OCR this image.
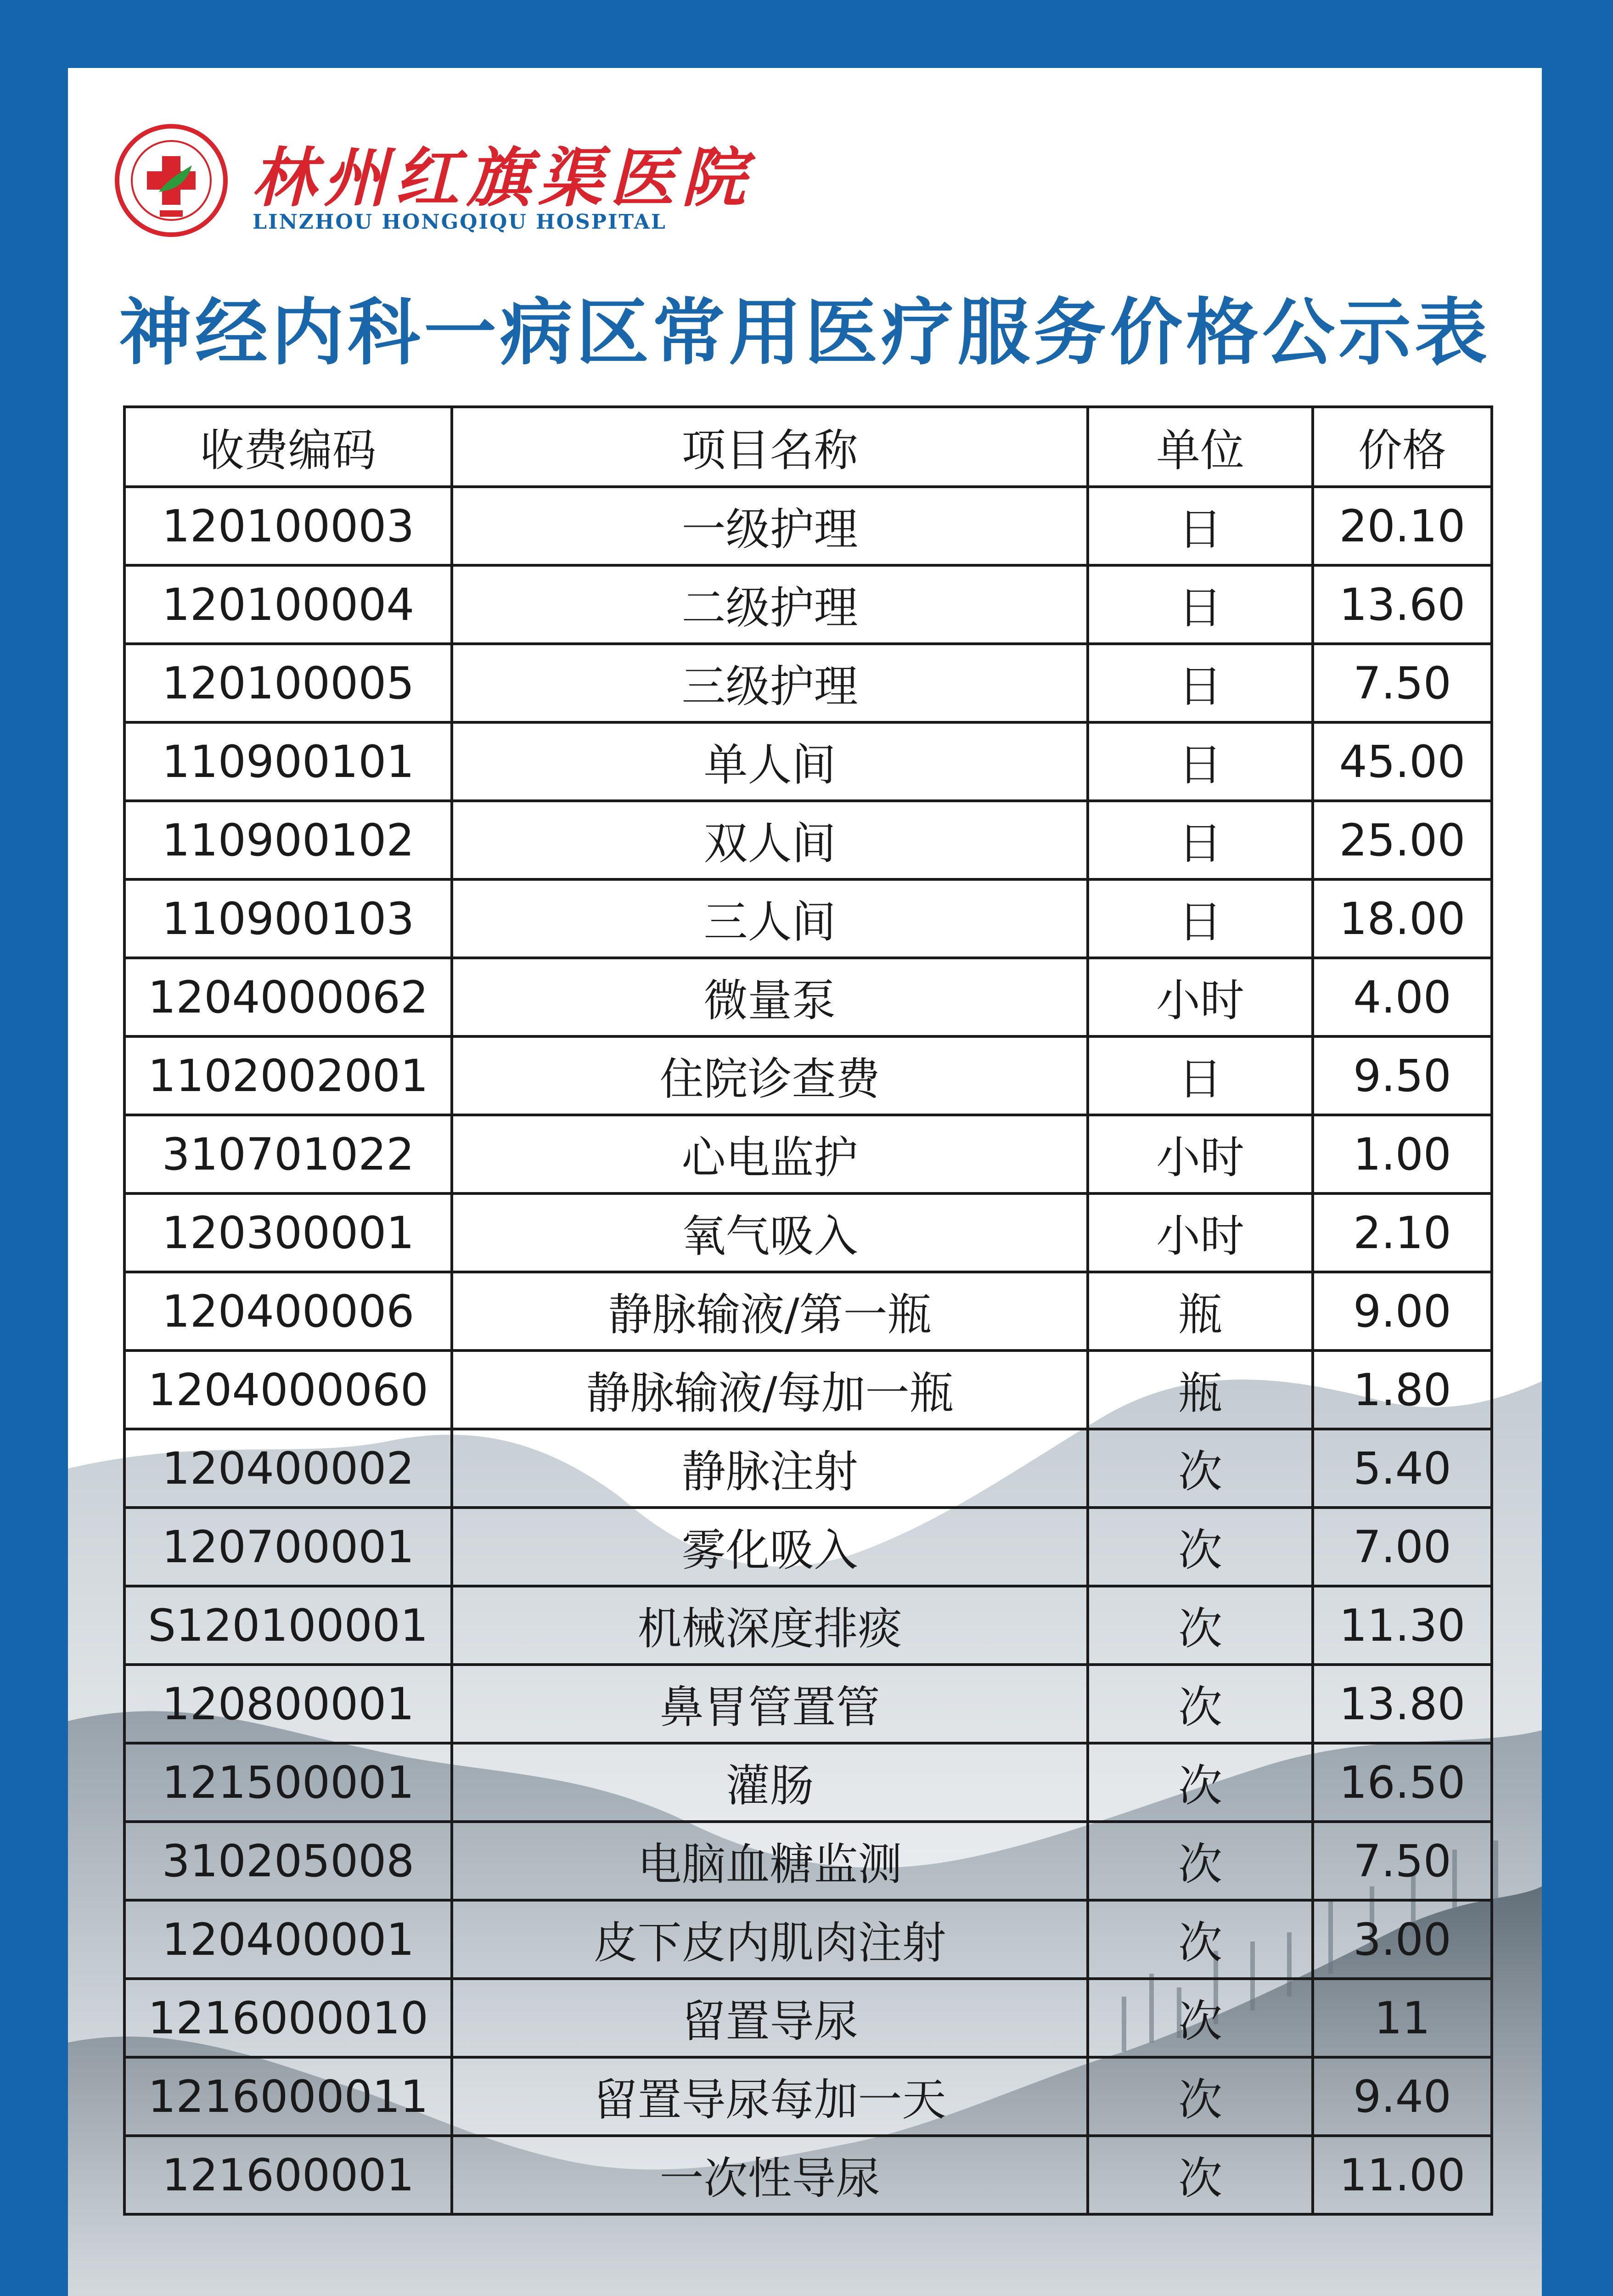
林州红旗渠医院
LINZHOU HONGQIQU HOSPITAL
神经内科一病区常用医疗服务价格公示表
收费编码	项目名称	单位	价格
120100003	一级护理	日	20.10
120100004	二级护理	日	13.60
120100005	三级护理	日	7.50
110900101	单人间	日	45.00
110900102	双人间	日	25.00
110900103	三人间	日	18.00
1204000062	微量泵	小时	4.00
1102002001	住院诊查费	日	9.50
310701022	心电监护	小时	1.00
120300001	氧气吸入	小时	2.10
120400006	静脉输液/第一瓶	瓶	9.00
1204000060	静脉输液/每加一瓶	瓶	1.80
120400002	静脉注射	次	5.40
120700001	雾化吸入	次	7.00
S120100001	机械深度排痰	次	11.30
120800001	鼻胃管置管	次	13.80
121500001	灌肠	次	16.50
310205008	电脑血糖监测	次	7.50
120400001	皮下皮内肌肉注射	次	3.00
1216000010	留置导尿	次	11
1216000011	留置导尿每加一天	次	9.40
121600001	一次性导尿	次	11.00
